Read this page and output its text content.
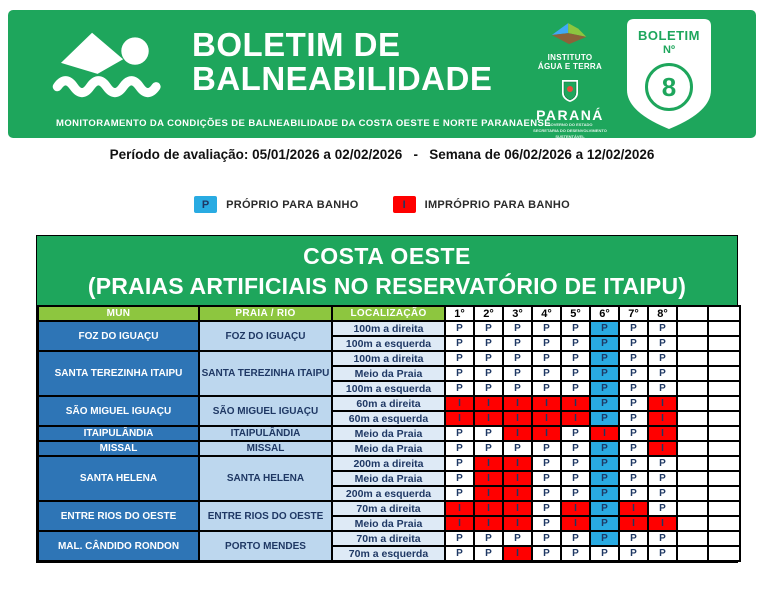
BOLETIM DE
BALNEABILIDADE
MONITORAMENTO DA CONDIÇÕES DE BALNEABILIDADE DA COSTA OESTE E NORTE PARANAENSE
INSTITUTO
ÁGUA E TERRA
PARANÁ
GOVERNO DO ESTADO
SECRETARIA DO DESENVOLVIMENTO SUSTENTÁVEL
BOLETIM
Nº
8
Período de avaliação: 05/01/2026 a 02/02/2026   -   Semana de 06/02/2026 a 12/02/2026
P	PRÓPRIO PARA BANHO	I	IMPRÓPRIO PARA BANHO
COSTA OESTE
(PRAIAS ARTIFICIAIS NO RESERVATÓRIO DE ITAIPU)
MUN	PRAIA / RIO	LOCALIZAÇÃO	1°	2°	3°	4°	5°	6°	7°	8°		
FOZ DO IGUAÇU	FOZ DO IGUAÇU	100m a direita	P	P	P	P	P	P	P	P		
		100m a esquerda	P	P	P	P	P	P	P	P		
SANTA TEREZINHA ITAIPU	SANTA TEREZINHA ITAIPU	100m a direita	P	P	P	P	P	P	P	P		
		Meio da Praia	P	P	P	P	P	P	P	P		
		100m a esquerda	P	P	P	P	P	P	P	P		
SÃO MIGUEL IGUAÇU	SÃO MIGUEL IGUAÇU	60m a direita	I	I	I	I	I	P	P	I		
		60m a esquerda	I	I	I	I	I	P	P	I		
ITAIPULÂNDIA	ITAIPULÂNDIA	Meio da Praia	P	P	I	I	P	I	P	I		
MISSAL	MISSAL	Meio da Praia	P	P	P	P	P	P	P	I		
SANTA HELENA	SANTA HELENA	200m a direita	P	I	I	P	P	P	P	P		
		Meio da Praia	P	I	I	P	P	P	P	P		
		200m a esquerda	P	I	I	P	P	P	P	P		
ENTRE RIOS DO OESTE	ENTRE RIOS DO OESTE	70m a direita	I	I	I	P	I	P	I	P		
		Meio da Praia	I	I	I	P	I	P	I	I		
MAL. CÂNDIDO RONDON	PORTO MENDES	70m a direita	P	P	P	P	P	P	P	P		
		70m a esquerda	P	P	I	P	P	P	P	P		
